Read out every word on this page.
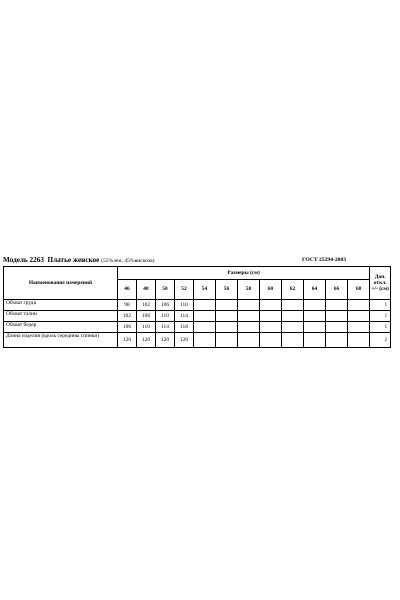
Модель 2263 Платье женское (55%лен, 45%вискоза)	ГОСТ 25294-2003
Наименование измерений	Размеры (см)												Доп. откл. +/- (см)
	46	48	50	52	54	56	58	60	62	64	66	68	
Обхват груди	98	102	106	110									1
Обхват талии	102	106	110	114									1
Обхват бедер	106	110	114	118									1
Длина изделия (вдоль середины спинки)	120	120	120	120									2
